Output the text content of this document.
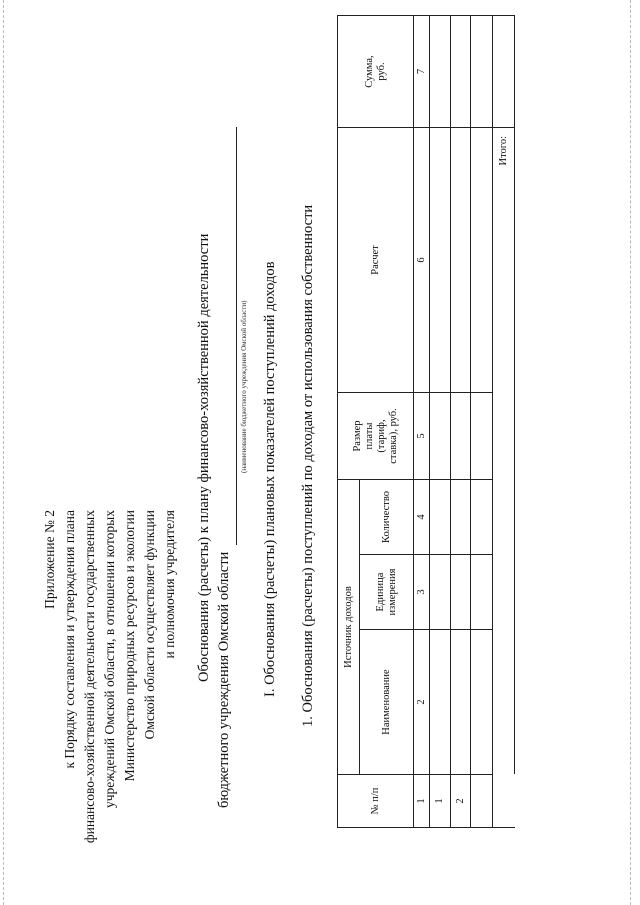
Приложение № 2 к Порядку составления и утверждения плана финансово-хозяйственной деятельности государственных учреждений Омской области, в отношении которых Министерство природных ресурсов и экологии Омской области осуществляет функции и полномочия учредителя Обоснования (расчеты) к плану финансово-хозяйственной деятельности бюджетного учреждения Омской области
(наименование бюджетного учреждения Омской области) I. Обоснования (расчеты) плановых показателей поступлений доходов 1. Обоснования (расчеты) поступлений по доходам от использования собственности
№ п/п	Источник доходов			Размер платы (тариф, ставка), руб.	Расчет	Сумма, руб.
	Наименование	Единица измерения	Количество			
1	2	3	4	5	6	7
1						
2						

	Итого:					
